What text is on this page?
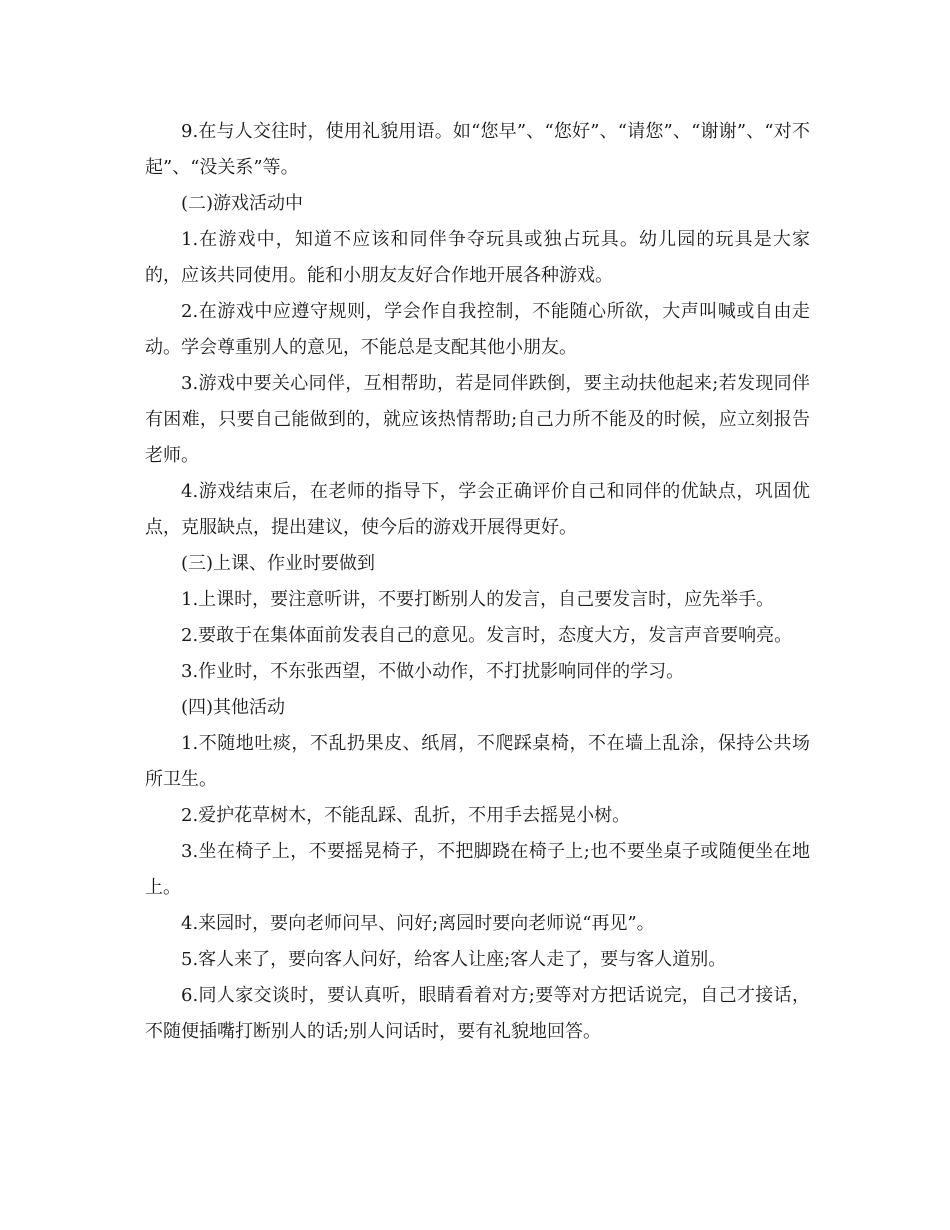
9.在与人交往时，使用礼貌用语。如“您早”、“您好”、“请您”、“谢谢”、“对不起”、“没关系”等。

(二)游戏活动中

1.在游戏中，知道不应该和同伴争夺玩具或独占玩具。幼儿园的玩具是大家的，应该共同使用。能和小朋友友好合作地开展各种游戏。

2.在游戏中应遵守规则，学会作自我控制，不能随心所欲，大声叫喊或自由走动。学会尊重别人的意见，不能总是支配其他小朋友。

3.游戏中要关心同伴，互相帮助，若是同伴跌倒，要主动扶他起来;若发现同伴有困难，只要自己能做到的，就应该热情帮助;自己力所不能及的时候，应立刻报告老师。

4.游戏结束后，在老师的指导下，学会正确评价自己和同伴的优缺点，巩固优点，克服缺点，提出建议，使今后的游戏开展得更好。

(三)上课、作业时要做到

1.上课时，要注意听讲，不要打断别人的发言，自己要发言时，应先举手。

2.要敢于在集体面前发表自己的意见。发言时，态度大方，发言声音要响亮。

3.作业时，不东张西望，不做小动作，不打扰影响同伴的学习。

(四)其他活动

1.不随地吐痰，不乱扔果皮、纸屑，不爬踩桌椅，不在墙上乱涂，保持公共场所卫生。

2.爱护花草树木，不能乱踩、乱折，不用手去摇晃小树。

3.坐在椅子上，不要摇晃椅子，不把脚跷在椅子上;也不要坐桌子或随便坐在地上。

4.来园时，要向老师问早、问好;离园时要向老师说“再见”。

5.客人来了，要向客人问好，给客人让座;客人走了，要与客人道别。

6.同人家交谈时，要认真听，眼睛看着对方;要等对方把话说完，自己才接话，不随便插嘴打断别人的话;别人问话时，要有礼貌地回答。
